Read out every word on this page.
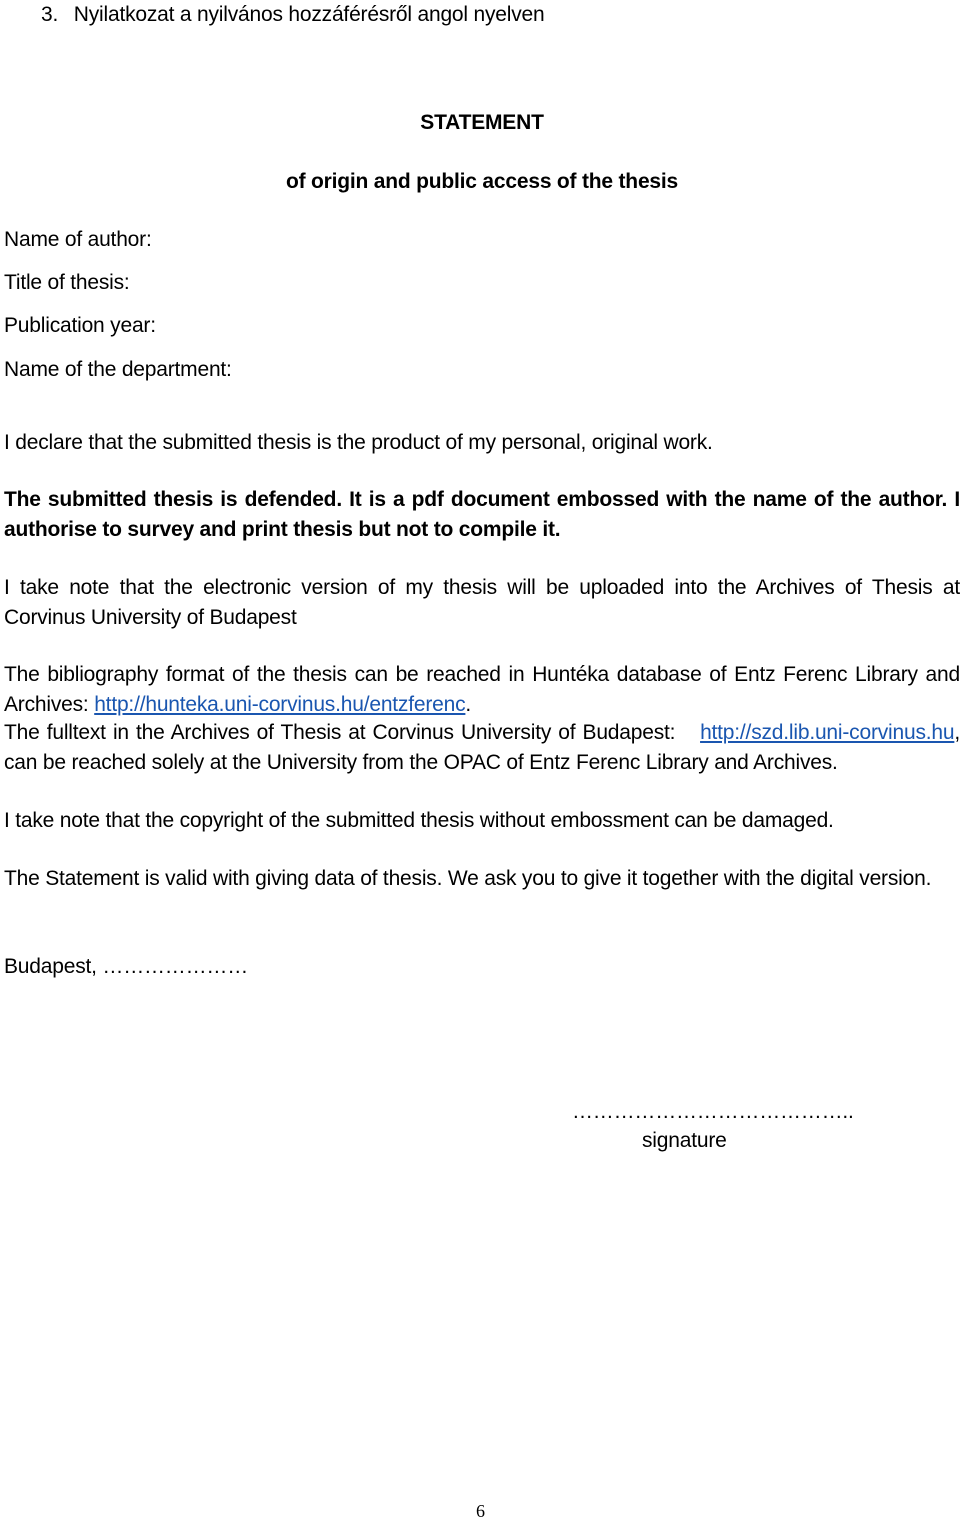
3. Nyilatkozat a nyilvános hozzáférésről angol nyelven
STATEMENT
of origin and public access of the thesis
Name of author:
Title of thesis:
Publication year:
Name of the department:
I declare that the submitted thesis is the product of my personal, original work.
The submitted thesis is defended. It is a pdf document embossed with the name of the author. I
authorise to survey and print thesis but not to compile it.
I take note that the electronic version of my thesis will be uploaded into the Archives of Thesis at
Corvinus University of Budapest
The bibliography format of the thesis can be reached in Huntéka database of Entz Ferenc Library and
Archives: http://hunteka.uni-corvinus.hu/entzferenc.
The fulltext in the Archives of Thesis at Corvinus University of Budapest: http://szd.lib.uni-corvinus.hu ,
can be reached solely at the University from the OPAC of Entz Ferenc Library and Archives.
I take note that the copyright of the submitted thesis without embossment can be damaged.
The Statement is valid with giving data of thesis. We ask you to give it together with the digital version.
Budapest, …………………
…………………………………..
signature
6
